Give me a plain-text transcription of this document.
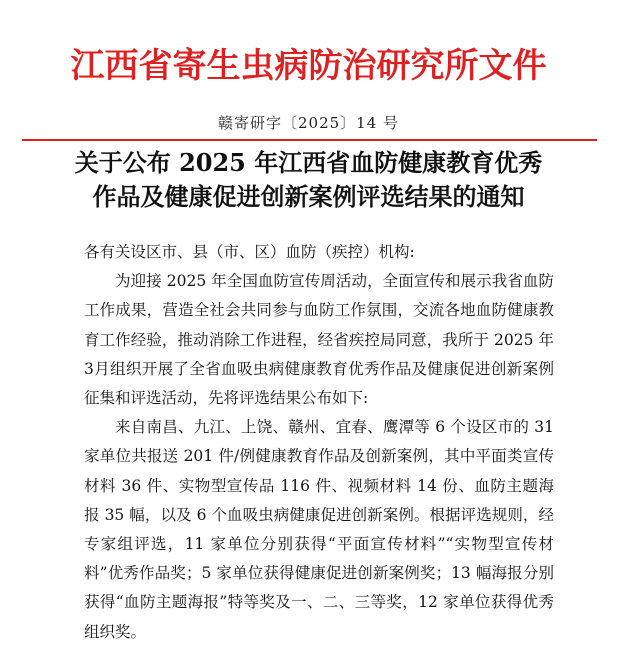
江西省寄生虫病防治研究所文件
赣寄研字〔2025〕14 号
关于公布 2025 年江西省血防健康教育优秀
作品及健康促进创新案例评选结果的通知

各有关设区市、县（市、区）血防（疾控）机构:

为迎接 2025 年全国血防宣传周活动，全面宣传和展示我省血防工作成果，营造全社会共同参与血防工作氛围，交流各地血防健康教育工作经验，推动消除工作进程，经省疾控局同意，我所于 2025 年 3月组织开展了全省血吸虫病健康教育优秀作品及健康促进创新案例征集和评选活动，先将评选结果公布如下:

来自南昌、九江、上饶、赣州、宜春、鹰潭等 6 个设区市的 31 家单位共报送 201 件/例健康教育作品及创新案例，其中平面类宣传材料 36 件、实物型宣传品 116 件、视频材料 14 份、血防主题海报 35 幅，以及 6 个血吸虫病健康促进创新案例。根据评选规则，经专家组评选，11 家单位分别获得“平面宣传材料”“实物型宣传材料”优秀作品奖；5 家单位获得健康促进创新案例奖；13 幅海报分别获得“血防主题海报”特等奖及一、二、三等奖，12 家单位获得优秀组织奖。
